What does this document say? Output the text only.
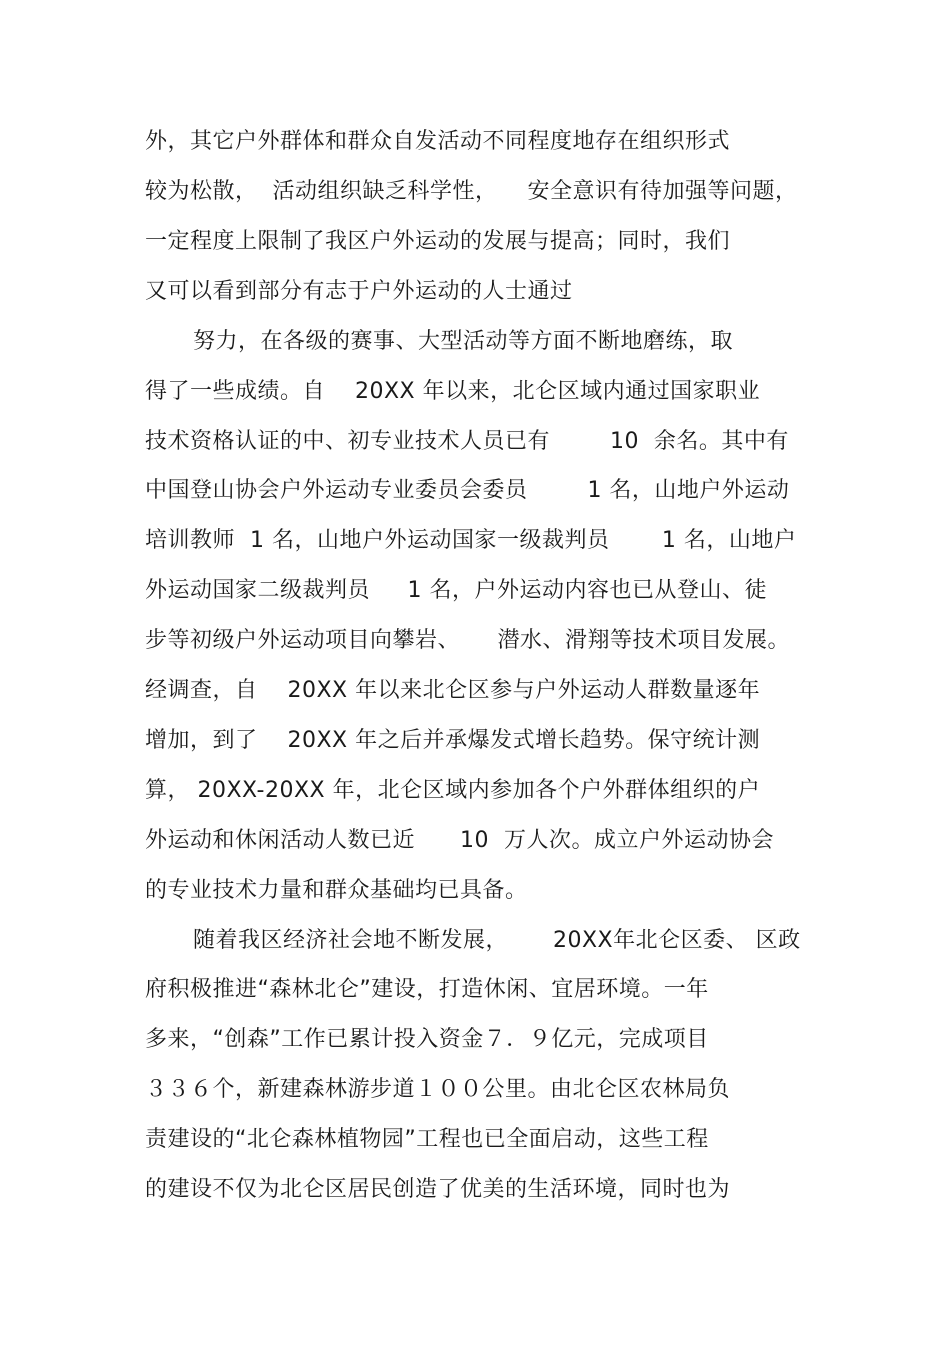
外，其它户外群体和群众自发活动不同程度地存在组织形式
较为松散，  活动组织缺乏科学性，    安全意识有待加强等问题，
一定程度上限制了我区户外运动的发展与提高；同时，我们
又可以看到部分有志于户外运动的人士通过
努力，在各级的赛事、大型活动等方面不断地磨练，取
得了一些成绩。自    20XX 年以来，北仑区域内通过国家职业
技术资格认证的中、初专业技术人员已有        10  余名。其中有
中国登山协会户外运动专业委员会委员        1 名，山地户外运动
培训教师  1 名，山地户外运动国家一级裁判员       1 名，山地户
外运动国家二级裁判员     1 名，户外运动内容也已从登山、徒
步等初级户外运动项目向攀岩、     潜水、滑翔等技术项目发展。
经调查，自    20XX 年以来北仑区参与户外运动人群数量逐年
增加，到了    20XX 年之后并承爆发式增长趋势。保守统计测
算， 20XX-20XX 年，北仑区域内参加各个户外群体组织的户
外运动和休闲活动人数已近      10  万人次。成立户外运动协会
的专业技术力量和群众基础均已具备。
随着我区经济社会地不断发展，      20XX年北仑区委、 区政
府积极推进“森林北仑”建设，打造休闲、宜居环境。一年
多来，“创森”工作已累计投入资金７．９亿元，完成项目
３３６个，新建森林游步道１００公里。由北仑区农林局负
责建设的“北仑森林植物园”工程也已全面启动，这些工程
的建设不仅为北仑区居民创造了优美的生活环境，同时也为
